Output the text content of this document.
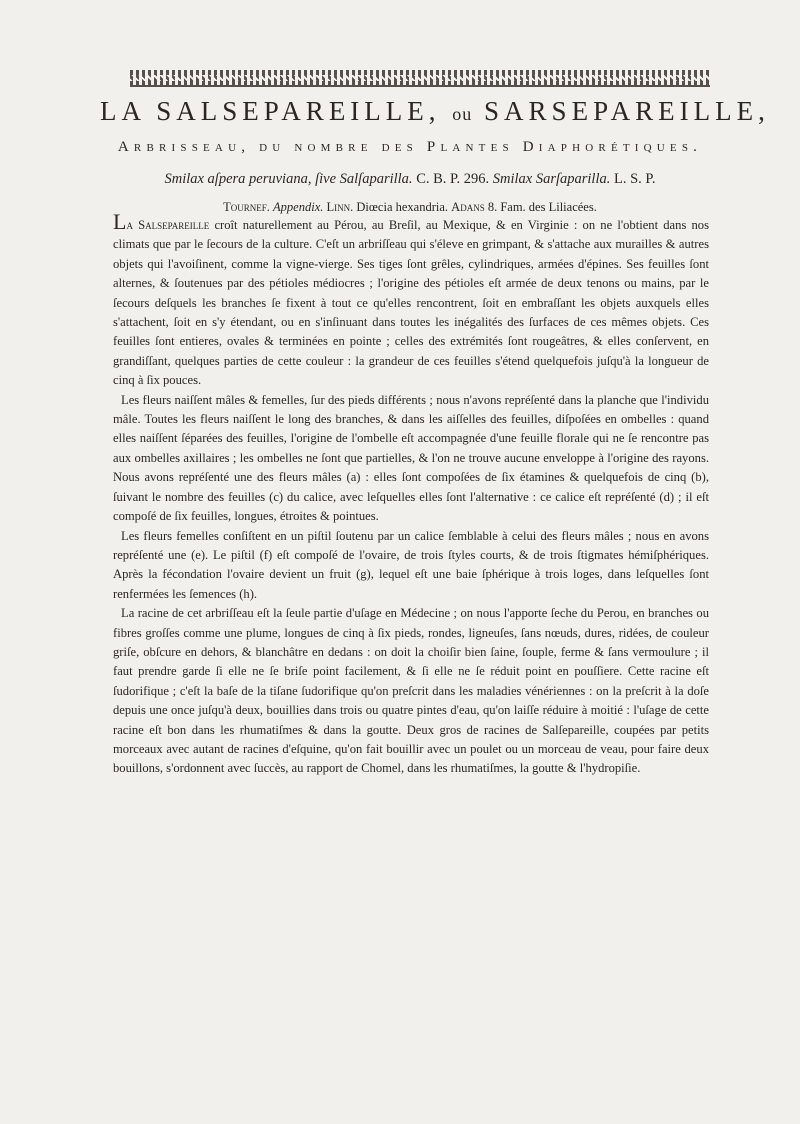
LA SALSEPAREILLE, ou SARSEPAREILLE,
Arbrisseau, du nombre des Plantes Diaphorétiques.
Smilax aſpera peruviana, ſive Salſaparilla. C. B. P. 296. Smilax Sarſaparilla. L. S. P.
Tournef. Appendix. Linn. Diœcia hexandria. Adans 8. Fam. des Liliacées.

La Salsepareille croît naturellement au Pérou, au Breſil, au Mexique, & en Virginie : on ne l'obtient dans nos climats que par le ſecours de la culture. C'eſt un arbriſſeau qui s'éleve en grimpant, & s'attache aux murailles & autres objets qui l'avoiſinent, comme la vigne-vierge. Ses tiges ſont grêles, cylindriques, armées d'épines. Ses feuilles ſont alternes, & ſoutenues par des pétioles médiocres ; l'origine des pétioles eſt armée de deux tenons ou mains, par le ſecours deſquels les branches ſe fixent à tout ce qu'elles rencontrent, ſoit en embraſſant les objets auxquels elles s'attachent, ſoit en s'y étendant, ou en s'inſinuant dans toutes les inégalités des ſurfaces de ces mêmes objets. Ces feuilles ſont entieres, ovales & terminées en pointe ; celles des extrémités ſont rougeâtres, & elles conſervent, en grandiſſant, quelques parties de cette couleur : la grandeur de ces feuilles s'étend quelquefois juſqu'à la longueur de cinq à ſix pouces.

Les fleurs naiſſent mâles & femelles, ſur des pieds différents ; nous n'avons repréſenté dans la planche que l'individu mâle. Toutes les fleurs naiſſent le long des branches, & dans les aiſſelles des feuilles, diſpoſées en ombelles : quand elles naiſſent ſéparées des feuilles, l'origine de l'ombelle eſt accompagnée d'une feuille florale qui ne ſe rencontre pas aux ombelles axillaires ; les ombelles ne ſont que partielles, & l'on ne trouve aucune enveloppe à l'origine des rayons. Nous avons repréſenté une des fleurs mâles (a) : elles ſont compoſées de ſix étamines & quelquefois de cinq (b), ſuivant le nombre des feuilles (c) du calice, avec leſquelles elles ſont l'alternative : ce calice eſt repréſenté (d) ; il eſt compoſé de ſix feuilles, longues, étroites & pointues.

Les fleurs femelles conſiſtent en un piſtil ſoutenu par un calice ſemblable à celui des fleurs mâles ; nous en avons repréſenté une (e). Le piſtil (f) eſt compoſé de l'ovaire, de trois ſtyles courts, & de trois ſtigmates hémiſphériques. Après la fécondation l'ovaire devient un fruit (g), lequel eſt une baie ſphérique à trois loges, dans leſquelles ſont renfermées les ſemences (h).

La racine de cet arbriſſeau eſt la ſeule partie d'uſage en Médecine ; on nous l'apporte ſeche du Perou, en branches ou fibres groſſes comme une plume, longues de cinq à ſix pieds, rondes, ligneuſes, ſans nœuds, dures, ridées, de couleur griſe, obſcure en dehors, & blanchâtre en dedans : on doit la choiſir bien ſaine, ſouple, ferme & ſans vermoulure ; il faut prendre garde ſi elle ne ſe briſe point facilement, & ſi elle ne ſe réduit point en pouſſiere. Cette racine eſt ſudorifique ; c'eſt la baſe de la tiſane ſudorifique qu'on preſcrit dans les maladies vénériennes : on la preſcrit à la doſe depuis une once juſqu'à deux, bouillies dans trois ou quatre pintes d'eau, qu'on laiſſe réduire à moitié : l'uſage de cette racine eſt bon dans les rhumatiſmes & dans la goutte. Deux gros de racines de Salſepareille, coupées par petits morceaux avec autant de racines d'eſquine, qu'on fait bouillir avec un poulet ou un morceau de veau, pour faire deux bouillons, s'ordonnent avec ſuccès, au rapport de Chomel, dans les rhumatiſmes, la goutte & l'hydropiſie.
